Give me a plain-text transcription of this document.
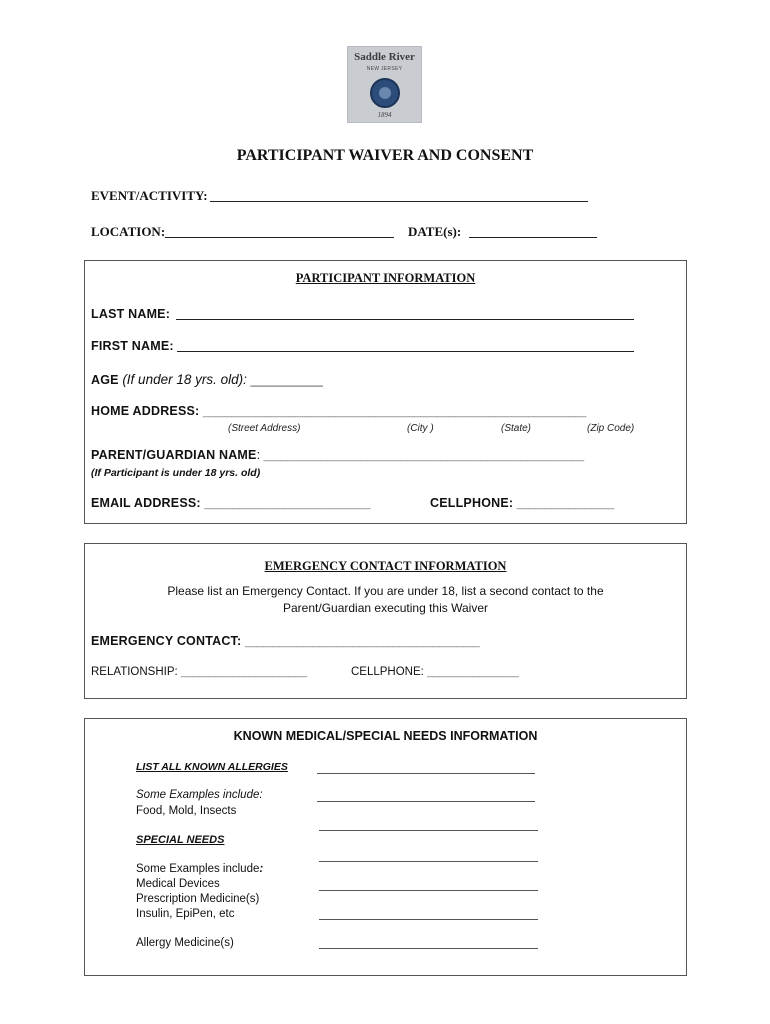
Saddle River
NEW JERSEY
1894
PARTICIPANT WAIVER AND CONSENT
EVENT/ACTIVITY:
LOCATION:	DATE(s):
PARTICIPANT INFORMATION
LAST NAME:
FIRST NAME:
AGE (If under 18 yrs. old): __________
HOME ADDRESS: ___________________________________________________________________
(Street Address)	(City )	(State)	(Zip Code)
PARENT/GUARDIAN NAME: ________________________________________________________
(If Participant is under 18 yrs. old)
EMAIL ADDRESS: _____________________________	CELLPHONE: _________________
EMERGENCY CONTACT INFORMATION
Please list an Emergency Contact. If you are under 18, list a second contact to the
Parent/Guardian executing this Waiver
EMERGENCY CONTACT: _________________________________________
RELATIONSHIP: ______________________	CELLPHONE: ________________
KNOWN MEDICAL/SPECIAL NEEDS INFORMATION
LIST ALL KNOWN ALLERGIES
Some Examples include:
Food, Mold, Insects
SPECIAL NEEDS
Some Examples include:
Medical Devices
Prescription Medicine(s)
Insulin, EpiPen, etc
Allergy Medicine(s)
